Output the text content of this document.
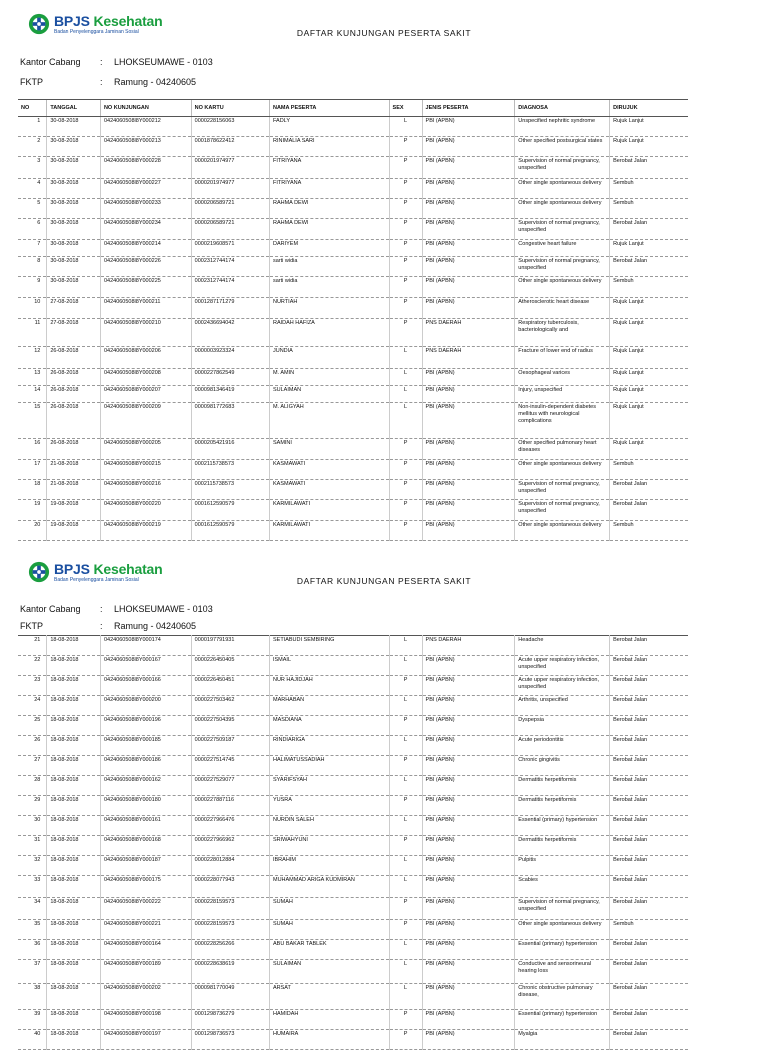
BPJS Kesehatan
Badan Penyelenggara Jaminan Sosial	DAFTAR KUNJUNGAN PESERTA SAKIT
Kantor Cabang	:	LHOKSEUMAWE - 0103
FKTP	:	Ramung - 04240605
NO	TANGGAL	NO KUNJUNGAN	NO KARTU	NAMA PESERTA	SEX	JENIS PESERTA	DIAGNOSA	DIRUJUK
1	30-08-2018	0424060508l8Y000212	0000228156063	FADLY	L	PBI (APBN)	Unspecified nephritic syndrome	Rujuk Lanjut
2	30-08-2018	0424060508l8Y000213	0001878622412	RINIMALIA SARI	P	PBI (APBN)	Other specified postsurgical states	Rujuk Lanjut
3	30-08-2018	0424060508l8Y000228	0000201974977	FITRIYANA	P	PBI (APBN)	Supervision of normal pregnancy, unspecified	Berobat Jalan
4	30-08-2018	0424060508l8Y000227	0000201974977	FITRIYANA	P	PBI (APBN)	Other single spontaneous delivery	Sembuh
5	30-08-2018	0424060508l8Y000233	0000206589721	RAHMA DEWI	P	PBI (APBN)	Other single spontaneous delivery	Sembuh
6	30-08-2018	0424060508l8Y000234	0000206589721	RAHMA DEWI	P	PBI (APBN)	Supervision of normal pregnancy, unspecified	Berobat Jalan
7	30-08-2018	0424060508l8Y000214	0000219608571	DARIYEM	P	PBI (APBN)	Congestive heart failure	Rujuk Lanjut
8	30-08-2018	0424060508l8Y000226	0002312744174	sarti widia	P	PBI (APBN)	Supervision of normal pregnancy, unspecified	Berobat Jalan
9	30-08-2018	0424060508l8Y000225	0002312744174	sarti widia	P	PBI (APBN)	Other single spontaneous delivery	Sembuh
10	27-08-2018	0424060508l8Y000211	0001287171279	NURTIAH	P	PBI (APBN)	Atherosclerotic heart disease	Rujuk Lanjut
11	27-08-2018	0424060508l8Y000210	0002436694042	RAIDAH HAFIZA	P	PNS DAERAH	Respiratory tuberculosis, bacteriologically and	Rujuk Lanjut
12	26-08-2018	0424060508l8Y000206	0000003923324	JUNDIA	L	PNS DAERAH	Fracture of lower end of radius	Rujuk Lanjut
13	26-08-2018	0424060508l8Y000208	0000227862549	M. AMIN	L	PBI (APBN)	Oesophageal varices	Rujuk Lanjut
14	26-08-2018	0424060508l8Y000207	0000981346419	SULAIMAN	L	PBI (APBN)	Injury, unspecified	Rujuk Lanjut
15	26-08-2018	0424060508l8Y000209	0000981772683	M. ALIGYAH	L	PBI (APBN)	Non-insulin-dependent diabetes mellitus with neurological complications	Rujuk Lanjut
16	26-08-2018	0424060508l8Y000205	0000205421916	SAMINI	P	PBI (APBN)	Other specified pulmonary heart diseases	Rujuk Lanjut
17	21-08-2018	0424060508l8Y000215	0002115738573	KASMAWATI	P	PBI (APBN)	Other single spontaneous delivery	Sembuh
18	21-08-2018	0424060508l8Y000216	0002115738573	KASMAWATI	P	PBI (APBN)	Supervision of normal pregnancy, unspecified	Berobat Jalan
19	19-08-2018	0424060508l8Y000220	0001612590579	KARMILAWATI	P	PBI (APBN)	Supervision of normal pregnancy, unspecified	Berobat Jalan
20	19-08-2018	0424060508l8Y000219	0001612590579	KARMILAWATI	P	PBI (APBN)	Other single spontaneous delivery	Sembuh
BPJS Kesehatan
Badan Penyelenggara Jaminan Sosial	DAFTAR KUNJUNGAN PESERTA SAKIT
Kantor Cabang	:	LHOKSEUMAWE - 0103
FKTP	:	Ramung - 04240605
21	18-08-2018	0424060508l8Y000174	0000197791931	SETIABUDI SEMBIRING	L	PNS DAERAH	Headache	Berobat Jalan
22	18-08-2018	0424060508l8Y000167	0000226450405	ISMAIL	L	PBI (APBN)	Acute upper respiratory infection, unspecified	Berobat Jalan
23	18-08-2018	0424060508l8Y000166	0000226450451	NUR HAJIDJAH	P	PBI (APBN)	Acute upper respiratory infection, unspecified	Berobat Jalan
24	18-08-2018	0424060508l8Y000200	0000227503462	MARHABAN	L	PBI (APBN)	Arthritis, unspecified	Berobat Jalan
25	18-08-2018	0424060508l8Y000196	0000227504395	MASDIANA	P	PBI (APBN)	Dyspepsia	Berobat Jalan
26	18-08-2018	0424060508l8Y000185	0000227509187	RINDIARIGA	L	PBI (APBN)	Acute periodontitis	Berobat Jalan
27	18-08-2018	0424060508l8Y000186	0000227514745	HALIMATUSSADIAH	P	PBI (APBN)	Chronic gingivitis	Berobat Jalan
28	18-08-2018	0424060508l8Y000162	0000227529077	SYARIFSYAH	L	PBI (APBN)	Dermatitis herpetiformis	Berobat Jalan
29	18-08-2018	0424060508l8Y000180	0000227887116	YUSRA	P	PBI (APBN)	Dermatitis herpetiformis	Berobat Jalan
30	18-08-2018	0424060508l8Y000161	0000227966476	NURDIN SALEH	L	PBI (APBN)	Essential (primary) hypertension	Berobat Jalan
31	18-08-2018	0424060508l8Y000168	0000227966962	SRIWAHYUNI	P	PBI (APBN)	Dermatitis herpetiformis	Berobat Jalan
32	18-08-2018	0424060508l8Y000187	0000228012884	IBRAHIM	L	PBI (APBN)	Pulpitis	Berobat Jalan
33	18-08-2018	0424060508l8Y000175	0000228077943	MUHAMMAD ARIGA KUDMIRAN	L	PBI (APBN)	Scabies	Berobat Jalan
34	18-08-2018	0424060508l8Y000222	0000228159573	SUMAH	P	PBI (APBN)	Supervision of normal pregnancy, unspecified	Berobat Jalan
35	18-08-2018	0424060508l8Y000221	0000228159573	SUMAH	P	PBI (APBN)	Other single spontaneous delivery	Sembuh
36	18-08-2018	0424060508l8Y000164	0000228256266	ABU BAKAR TABLEK	L	PBI (APBN)	Essential (primary) hypertension	Berobat Jalan
37	18-08-2018	0424060508l8Y000189	0000228638619	SULAIMAN	L	PBI (APBN)	Conductive and sensorineural hearing loss	Berobat Jalan
38	18-08-2018	0424060508l8Y000202	0000981770049	ARSAT	L	PBI (APBN)	Chronic obstructive pulmonary disease,	Berobat Jalan
39	18-08-2018	0424060508l8Y000198	0001298736279	HAMIDAH	P	PBI (APBN)	Essential (primary) hypertension	Berobat Jalan
40	18-08-2018	0424060508l8Y000197	0001298736573	HUMAIRA	P	PBI (APBN)	Myalgia	Berobat Jalan
